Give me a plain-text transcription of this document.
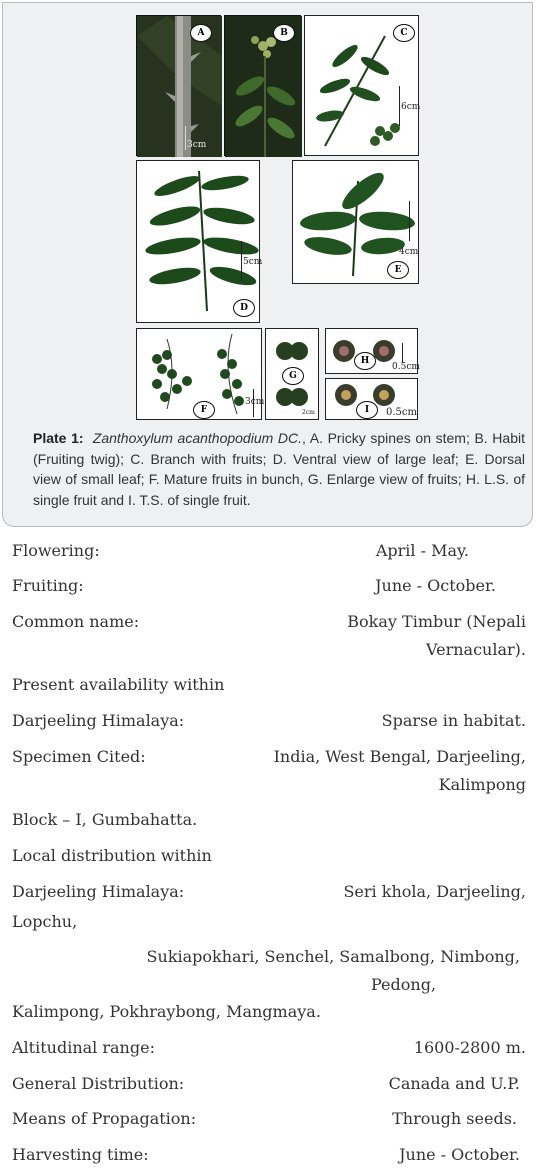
A
3cm
B	C
6cm
D
5cm
E
4cm
F
3cm
G
2cm
H
0.5cm
I	0.5cm
Plate 1: Zanthoxylum acanthopodium DC., A. Pricky spines on stem; B. Habit (Fruiting twig); C. Branch with fruits; D. Ventral view of large leaf; E. Dorsal view of small leaf; F. Mature fruits in bunch, G. Enlarge view of fruits; H. L.S. of single fruit and I. T.S. of single fruit.
Flowering:	April - May.
Fruiting:	June - October.
Common name:	Bokay Timbur (Nepali
Vernacular).
Present availability within
Darjeeling Himalaya:	Sparse in habitat.
Specimen Cited:	India, West Bengal, Darjeeling,
Kalimpong
Block – I, Gumbahatta.
Local distribution within
Darjeeling Himalaya:	Seri khola, Darjeeling,
Lopchu,
Sukiapokhari, Senchel, Samalbong, Nimbong,
Pedong,
Kalimpong, Pokhraybong, Mangmaya.
Altitudinal range:	1600-2800 m.
General Distribution:	Canada and U.P.
Means of Propagation:	Through seeds.
Harvesting time:	June - October.
